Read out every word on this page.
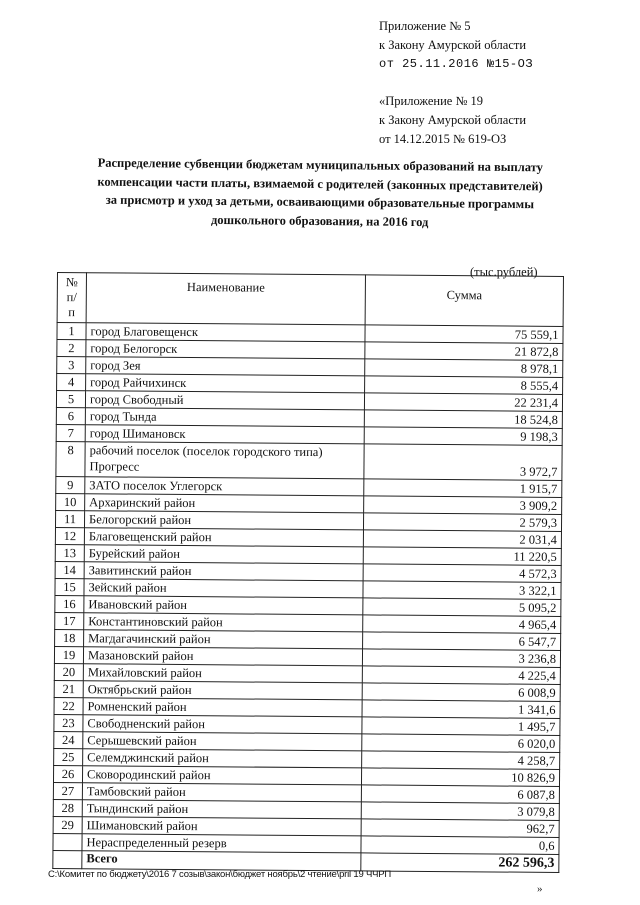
Приложение № 5
к Закону Амурской области
от 25.11.2016 №15-ОЗ
«Приложение № 19
к Закону Амурской области
от 14.12.2015 № 619-ОЗ
Распределение субвенции бюджетам муниципальных образований на выплату
компенсации части платы, взимаемой с родителей (законных представителей)
за присмотр и уход за детьми, осваивающими образовательные программы
дошкольного образования, на 2016 год
(тыс.рублей)
№ п/п	Наименование	Сумма
1	город Благовещенск	75 559,1
2	город Белогорск	21 872,8
3	город Зея	8 978,1
4	город Райчихинск	8 555,4
5	город Свободный	22 231,4
6	город Тында	18 524,8
7	город Шимановск	9 198,3
8	рабочий поселок (поселок городского типа) Прогресс	3 972,7
9	ЗАТО поселок Углегорск	1 915,7
10	Архаринский район	3 909,2
11	Белогорский район	2 579,3
12	Благовещенский район	2 031,4
13	Бурейский район	11 220,5
14	Завитинский район	4 572,3
15	Зейский район	3 322,1
16	Ивановский район	5 095,2
17	Константиновский район	4 965,4
18	Магдагачинский район	6 547,7
19	Мазановский район	3 236,8
20	Михайловский район	4 225,4
21	Октябрьский район	6 008,9
22	Ромненский район	1 341,6
23	Свободненский район	1 495,7
24	Серышевский район	6 020,0
25	Селемджинский район	4 258,7
26	Сковородинский район	10 826,9
27	Тамбовский район	6 087,8
28	Тындинский район	3 079,8
29	Шимановский район	962,7
	Нераспределенный резерв	0,6
	Всего	262 596,3
С:\Комитет по бюджету\2016 7 созыв\закон\бюджет ноябрь\2 чтение\pril 19 ЧЧРП
»
